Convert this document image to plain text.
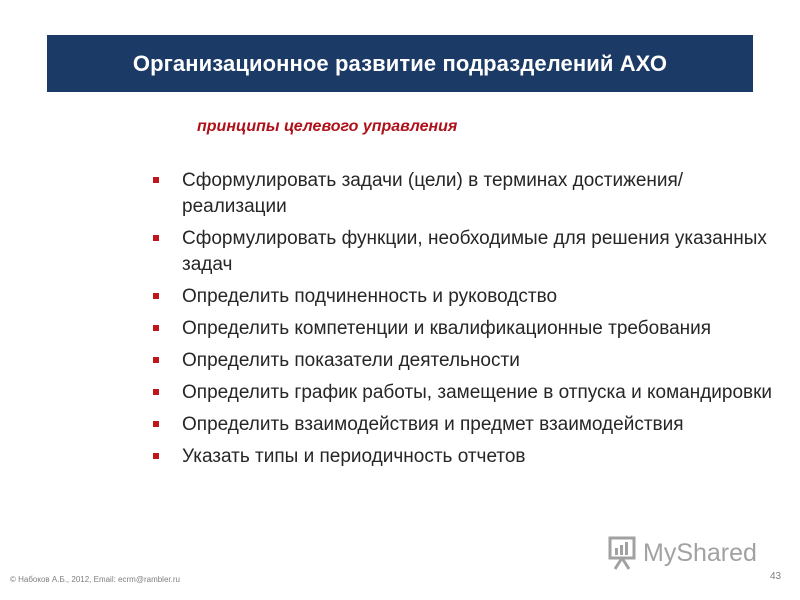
Организационное развитие подразделений АХО
принципы целевого управления
Сформулировать задачи (цели) в терминах достижения/реализации
Сформулировать функции, необходимые для решения указанных задач
Определить подчиненность и руководство
Определить компетенции и квалификационные требования
Определить показатели деятельности
Определить график работы, замещение в отпуска и командировки
Определить взаимодействия и предмет взаимодействия
Указать типы и периодичность отчетов
MyShared
© Набоков А.Б., 2012, Email: ecrm@rambler.ru	43
